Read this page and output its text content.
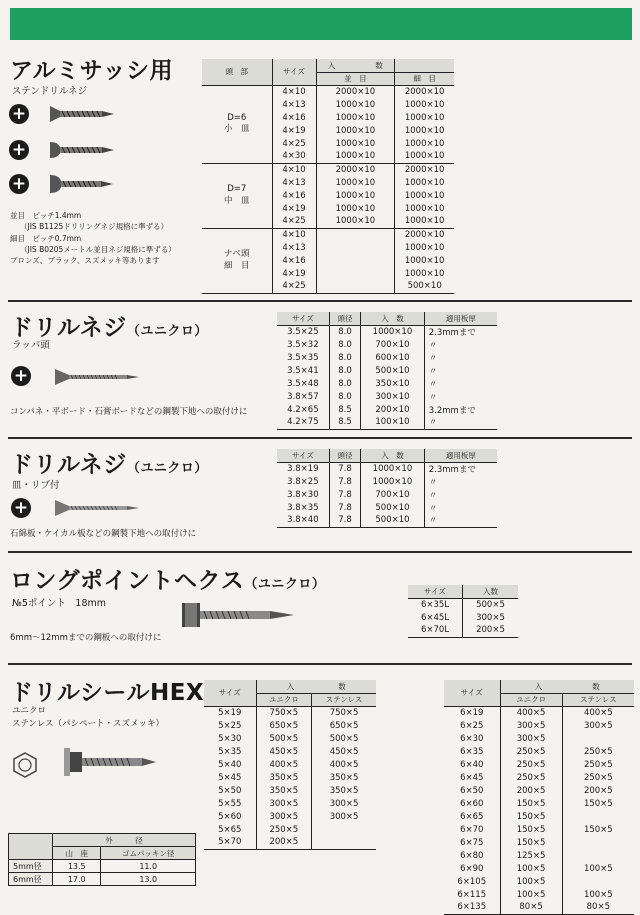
アルミサッシ用
ステンドリルネジ
+
+
+
並目　ピッチ1.4mm
（JIS B1125ドリリングネジ規格に準ずる）
細目　ピッチ0.7mm
（JIS B0205メートル並目ネジ規格に準ずる）
ブロンズ、ブラック、スズメッキ等あります
頭　部	サイズ	入 数	
		並　目	細　目

D=6
小　皿	4×10	2000×10	2000×10
	4×13	1000×10	1000×10
	4×16	1000×10	1000×10
	4×19	1000×10	1000×10
	4×25	1000×10	1000×10
	4×30	1000×10	1000×10

D=7
中　皿	4×10	2000×10	2000×10
	4×13	1000×10	1000×10
	4×16	1000×10	1000×10
	4×19	1000×10	1000×10
	4×25	1000×10	1000×10

ナベ頭
細　目	4×10		2000×10
	4×13		1000×10
	4×16		1000×10
	4×19		1000×10
	4×25		500×10
ドリルネジ（ユニクロ）
ラッパ頭
+
コンパネ・平ボード・石膏ボードなどの鋼製下地への取付けに
サイズ	頭径	入　数	適用板厚
3.5×25	8.0	1000×10	2.3mmまで
3.5×32	8.0	700×10	〃
3.5×35	8.0	600×10	〃
3.5×41	8.0	500×10	〃
3.5×48	8.0	350×10	〃
3.8×57	8.0	300×10	〃
4.2×65	8.5	200×10	3.2mmまで
4.2×75	8.5	100×10	〃
ドリルネジ（ユニクロ）
皿・リブ付
+
石綿板・ケイカル板などの鋼製下地への取付けに
サイズ	頭径	入　数	適用板厚
3.8×19	7.8	1000×10	2.3mmまで
3.8×25	7.8	1000×10	〃
3.8×30	7.8	700×10	〃
3.8×35	7.8	500×10	〃
3.8×40	7.8	500×10	〃
ロングポイントヘクス（ユニクロ）
№5ポイント　18mm
6mm～12mmまでの鋼板への取付けに
サイズ	入数
6×35L	500×5
6×45L	300×5
6×70L	200×5
ドリルシールHEX
ユニクロ
ステンレス（パシペート・スズメッキ）
サイズ	入 数	
	ユニクロ	ステンレス
5×19	750×5	750×5
5×25	650×5	650×5
5×30	500×5	500×5
5×35	450×5	450×5
5×40	400×5	400×5
5×45	350×5	350×5
5×50	350×5	350×5
5×55	300×5	300×5
5×60	300×5	300×5
5×65	250×5	
5×70	200×5	
サイズ	入 数	
	ユニクロ	ステンレス
6×19	400×5	400×5
6×25	300×5	300×5
6×30	300×5	
6×35	250×5	250×5
6×40	250×5	250×5
6×45	250×5	250×5
6×50	200×5	200×5
6×60	150×5	150×5
6×65	150×5	
6×70	150×5	150×5
6×75	150×5	
6×80	125×5	
6×90	100×5	100×5
6×105	100×5	
6×115	100×5	100×5
6×135	80×5	80×5
	外　　　径	
	山　座	ゴムパッキン径
5mm径	13.5	11.0
6mm径	17.0	13.0
